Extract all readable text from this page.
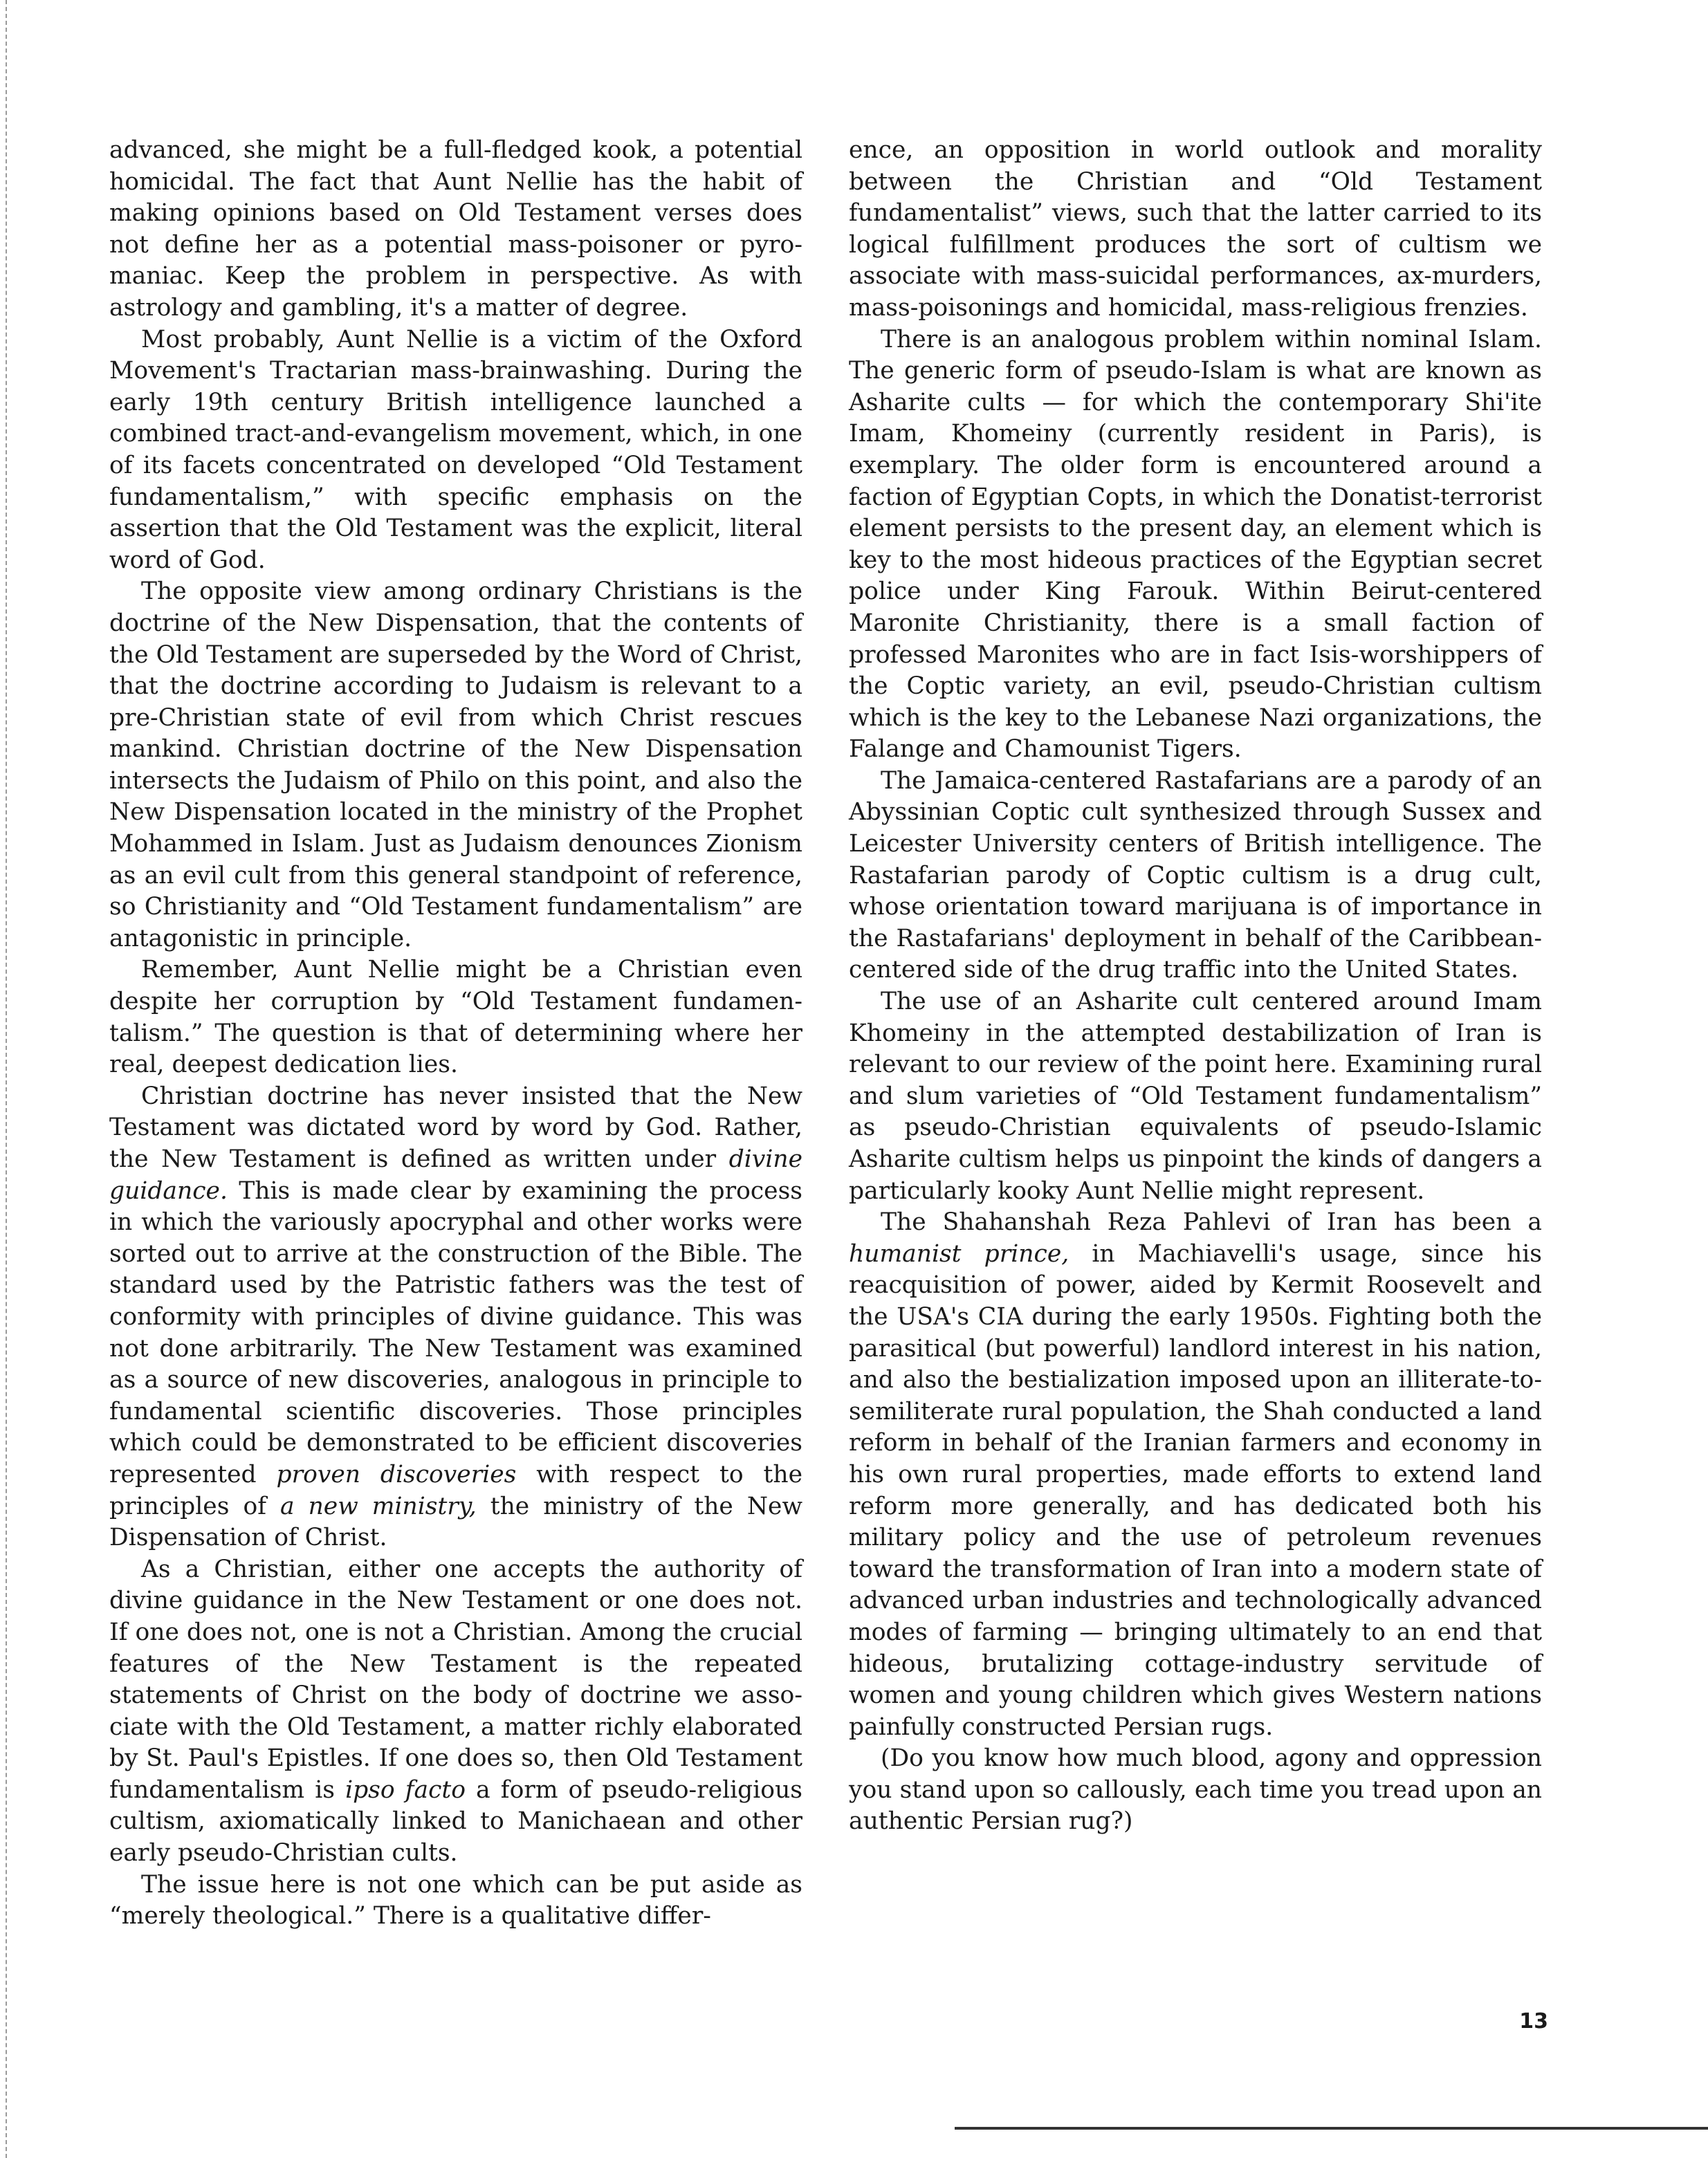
advanced, she might be a full-fledged kook, a potential homicidal. The fact that Aunt Nellie has the habit of making opinions based on Old Testament verses does not define her as a potential mass-poisoner or pyromaniac. Keep the problem in perspective. As with astrology and gambling, it's a matter of degree.

Most probably, Aunt Nellie is a victim of the Oxford Movement's Tractarian mass-brainwashing. During the early 19th century British intelligence launched a combined tract-and-evangelism movement, which, in one of its facets concentrated on developed “Old Testament fundamentalism,” with specific emphasis on the assertion that the Old Testament was the explicit, literal word of God.

The opposite view among ordinary Christians is the doctrine of the New Dispensation, that the contents of the Old Testament are superseded by the Word of Christ, that the doctrine according to Judaism is relevant to a pre-Christian state of evil from which Christ rescues mankind. Christian doctrine of the New Dispensation intersects the Judaism of Philo on this point, and also the New Dispensation located in the ministry of the Prophet Mohammed in Islam. Just as Judaism denounces Zionism as an evil cult from this general standpoint of reference, so Christianity and “Old Testament fundamentalism” are antagonistic in principle.

Remember, Aunt Nellie might be a Christian even despite her corruption by “Old Testament fundamentalism.” The question is that of determining where her real, deepest dedication lies.

Christian doctrine has never insisted that the New Testament was dictated word by word by God. Rather, the New Testament is defined as written under divine guidance. This is made clear by examining the process in which the variously apocryphal and other works were sorted out to arrive at the construction of the Bible. The standard used by the Patristic fathers was the test of conformity with principles of divine guidance. This was not done arbitrarily. The New Testament was examined as a source of new discoveries, analogous in principle to fundamental scientific discoveries. Those principles which could be demonstrated to be efficient discoveries represented proven discoveries with respect to the principles of a new ministry, the ministry of the New Dispensation of Christ.

As a Christian, either one accepts the authority of divine guidance in the New Testament or one does not. If one does not, one is not a Christian. Among the crucial features of the New Testament is the repeated statements of Christ on the body of doctrine we associate with the Old Testament, a matter richly elaborated by St. Paul's Epistles. If one does so, then Old Testament fundamentalism is ipso facto a form of pseudo-religious cultism, axiomatically linked to Manichaean and other early pseudo-Christian cults.

The issue here is not one which can be put aside as “merely theological.” There is a qualitative differ-

ence, an opposition in world outlook and morality between the Christian and “Old Testament fundamentalist” views, such that the latter carried to its logical fulfillment produces the sort of cultism we associate with mass-suicidal performances, ax-murders, mass-poisonings and homicidal, mass-religious frenzies.

There is an analogous problem within nominal Islam. The generic form of pseudo-Islam is what are known as Asharite cults — for which the contemporary Shi'ite Imam, Khomeiny (currently resident in Paris), is exemplary. The older form is encountered around a faction of Egyptian Copts, in which the Donatist-terrorist element persists to the present day, an element which is key to the most hideous practices of the Egyptian secret police under King Farouk. Within Beirut-centered Maronite Christianity, there is a small faction of professed Maronites who are in fact Isis-worshippers of the Coptic variety, an evil, pseudo-Christian cultism which is the key to the Lebanese Nazi organizations, the Falange and Chamounist Tigers.

The Jamaica-centered Rastafarians are a parody of an Abyssinian Coptic cult synthesized through Sussex and Leicester University centers of British intelligence. The Rastafarian parody of Coptic cultism is a drug cult, whose orientation toward marijuana is of importance in the Rastafarians' deployment in behalf of the Caribbean-centered side of the drug traffic into the United States.

The use of an Asharite cult centered around Imam Khomeiny in the attempted destabilization of Iran is relevant to our review of the point here. Examining rural and slum varieties of “Old Testament fundamentalism” as pseudo-Christian equivalents of pseudo-Islamic Asharite cultism helps us pinpoint the kinds of dangers a particularly kooky Aunt Nellie might represent.

The Shahanshah Reza Pahlevi of Iran has been a humanist prince, in Machiavelli's usage, since his reacquisition of power, aided by Kermit Roosevelt and the USA's CIA during the early 1950s. Fighting both the parasitical (but powerful) landlord interest in his nation, and also the bestialization imposed upon an illiterate-to-semiliterate rural population, the Shah conducted a land reform in behalf of the Iranian farmers and economy in his own rural properties, made efforts to extend land reform more generally, and has dedicated both his military policy and the use of petroleum revenues toward the transformation of Iran into a modern state of advanced urban industries and technologically advanced modes of farming — bringing ultimately to an end that hideous, brutalizing cottage-industry servitude of women and young children which gives Western nations painfully constructed Persian rugs.

(Do you know how much blood, agony and oppression you stand upon so callously, each time you tread upon an authentic Persian rug?)

13
